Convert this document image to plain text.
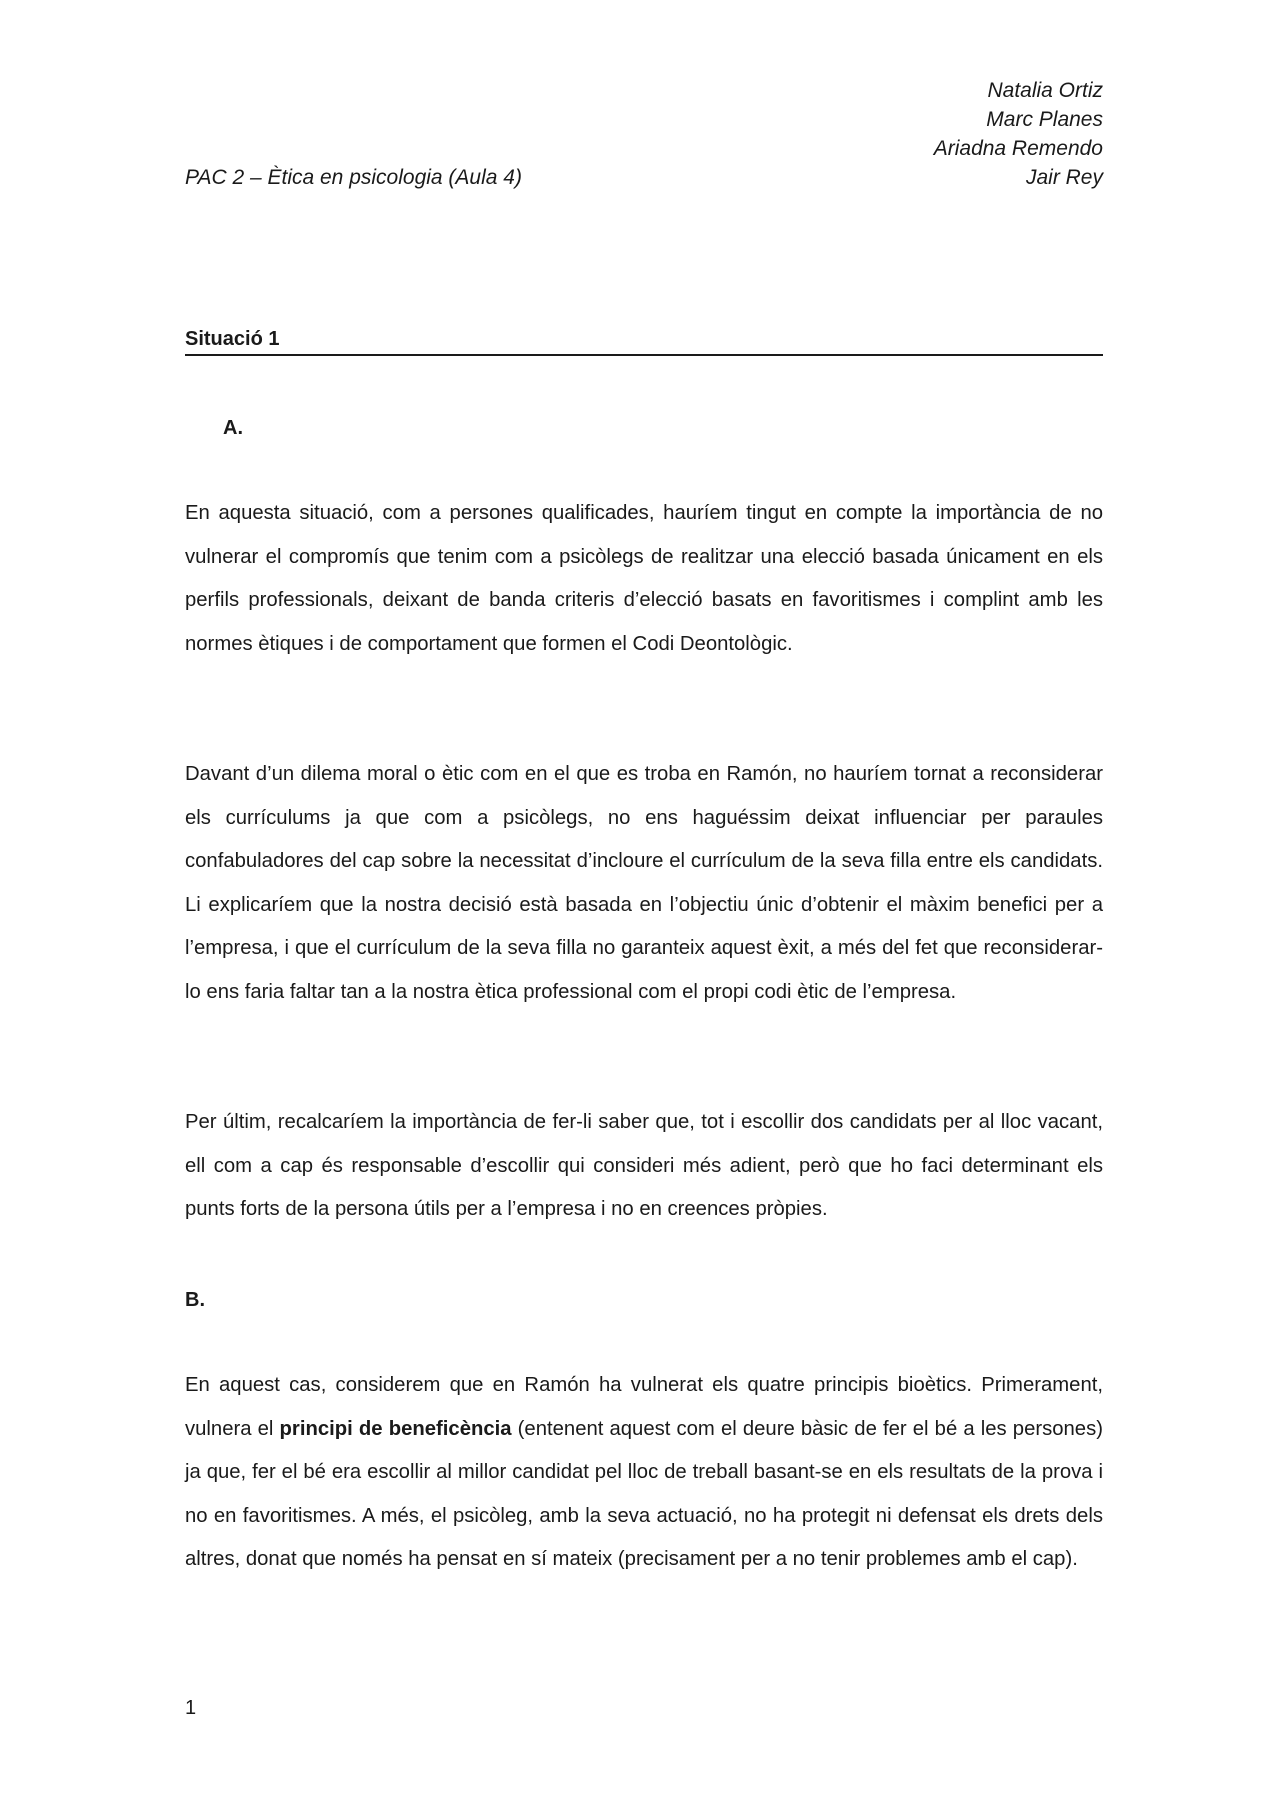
Natalia Ortiz
Marc Planes
Ariadna Remendo
Jair Rey
PAC 2 – Ètica en psicologia (Aula 4)
Situació 1
A.

En aquesta situació, com a persones qualificades, hauríem tingut en compte la importància de no vulnerar el compromís que tenim com a psicòlegs de realitzar una elecció basada únicament en els perfils professionals, deixant de banda criteris d’elecció basats en favoritismes i complint amb les normes ètiques i de comportament que formen el Codi Deontològic.

Davant d’un dilema moral o ètic com en el que es troba en Ramón, no hauríem tornat a reconsiderar els currículums ja que com a psicòlegs, no ens haguéssim deixat influenciar per paraules confabuladores del cap sobre la necessitat d’incloure el currículum de la seva filla entre els candidats. Li explicaríem que la nostra decisió està basada en l’objectiu únic d’obtenir el màxim benefici per a l’empresa, i que el currículum de la seva filla no garanteix aquest èxit, a més del fet que reconsiderar-lo ens faria faltar tan a la nostra ètica professional com el propi codi ètic de l’empresa.

Per últim, recalcaríem la importància de fer-li saber que, tot i escollir dos candidats per al lloc vacant, ell com a cap és responsable d’escollir qui consideri més adient, però que ho faci determinant els punts forts de la persona útils per a l’empresa i no en creences pròpies.

B.

En aquest cas, considerem que en Ramón ha vulnerat els quatre principis bioètics. Primerament, vulnera el principi de beneficència (entenent aquest com el deure bàsic de fer el bé a les persones) ja que, fer el bé era escollir al millor candidat pel lloc de treball basant-se en els resultats de la prova i no en favoritismes. A més, el psicòleg, amb la seva actuació, no ha protegit ni defensat els drets dels altres, donat que només ha pensat en sí mateix (precisament per a no tenir problemes amb el cap).

1
